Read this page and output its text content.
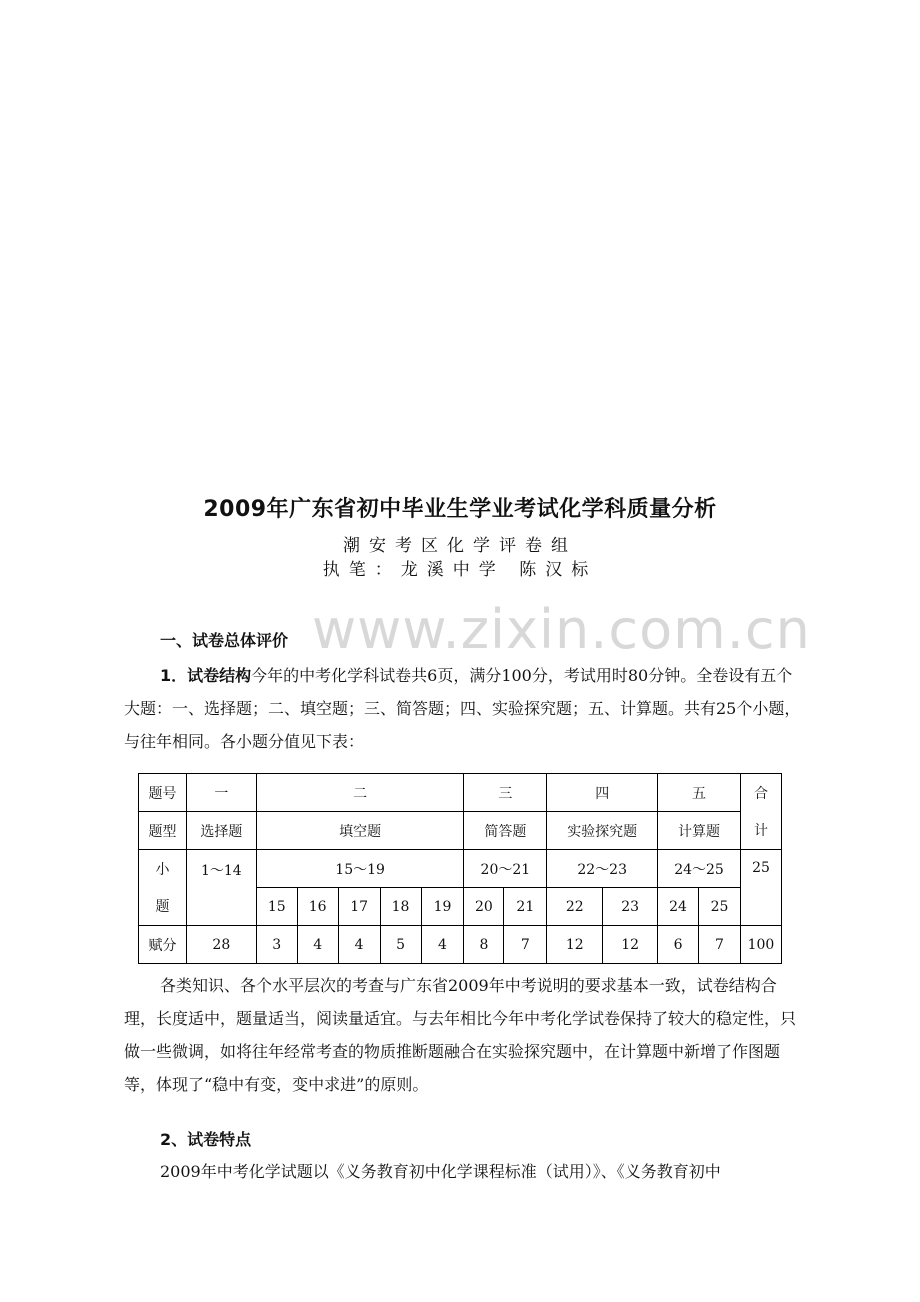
2009年广东省初中毕业生学业考试化学科质量分析
潮安考区化学评卷组
执笔：龙溪中学 陈汉标
www.zixin.com.cn
一、试卷总体评价

1．试卷结构今年的中考化学科试卷共6页，满分100分，考试用时80分钟。全卷设有五个大题：一、选择题；二、填空题；三、简答题；四、实验探究题；五、计算题。共有25个小题，与往年相同。各小题分值见下表：

题号	一	二					三		四		五		合
题型	选择题	填空题					简答题		实验探究题		计算题		计
小	1～14	15～19					20～21		22～23		24～25		25
题		15	16	17	18	19	20	21	22	23	24	25	
赋分	28	3	4	4	5	4	8	7	12	12	6	7	100

各类知识、各个水平层次的考查与广东省2009年中考说明的要求基本一致，试卷结构合理，长度适中，题量适当，阅读量适宜。与去年相比今年中考化学试卷保持了较大的稳定性，只做一些微调，如将往年经常考查的物质推断题融合在实验探究题中，在计算题中新增了作图题等，体现了“稳中有变，变中求进”的原则。

2、试卷特点

2009年中考化学试题以《义务教育初中化学课程标准（试用）》、《义务教育初中
